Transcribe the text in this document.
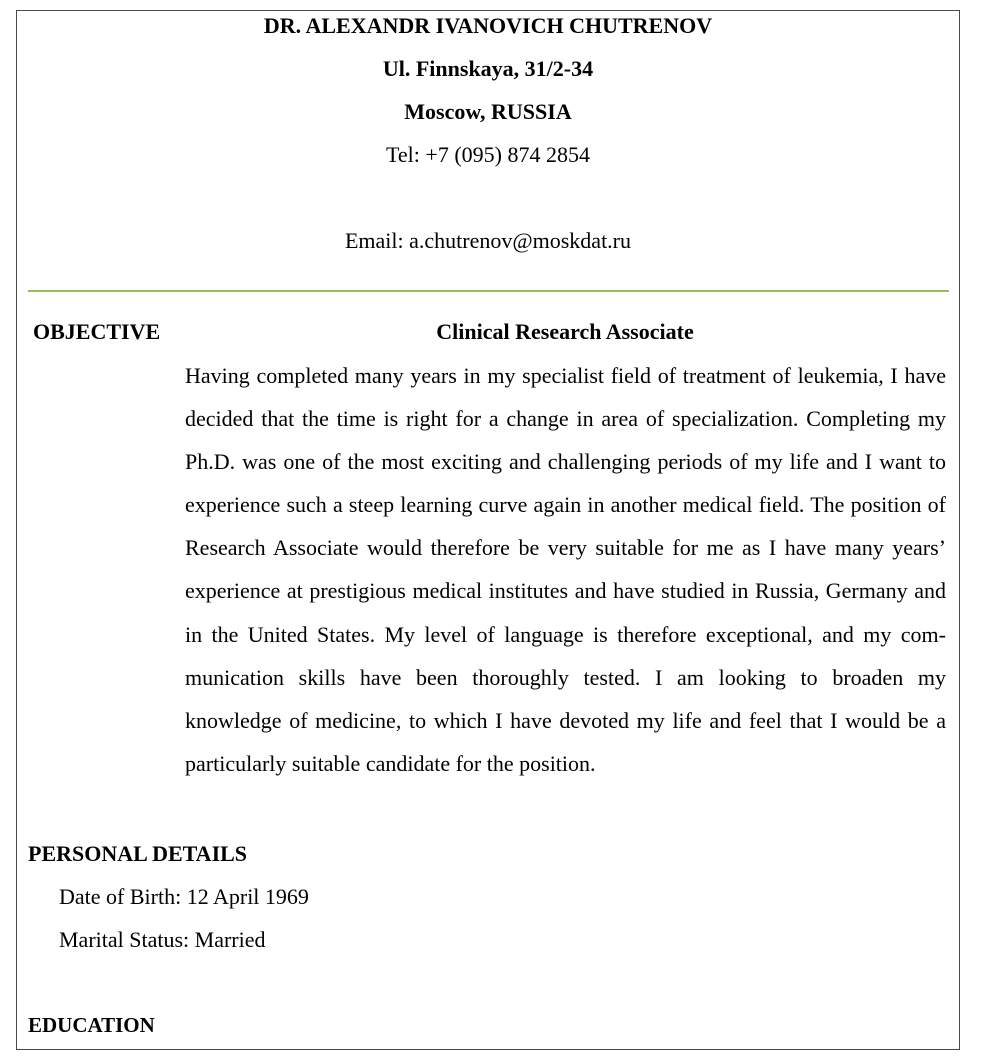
DR. ALEXANDR IVANOVICH CHUTRENOV
Ul. Finnskaya, 31/2-34
Moscow, RUSSIA
Tel: +7 (095) 874 2854
Email: a.chutrenov@moskdat.ru
OBJECTIVE	Clinical Research Associate

Having completed many years in my specialist field of treatment of leukemia, I have decided that the time is right for a change in area of specialization. Completing my Ph.D. was one of the most exciting and challenging periods of my life and I want to experience such a steep learning curve again in another medical field. The position of Research Associate would therefore be very suitable for me as I have many years’ experience at prestigious medical institutes and have studied in Russia, Germany and in the United States. My level of language is therefore exceptional, and my communication skills have been thoroughly tested. I am looking to broaden my knowledge of medicine, to which I have devoted my life and feel that I would be a particularly suitable candidate for the position.

PERSONAL DETAILS
Date of Birth: 12 April 1969
Marital Status: Married
EDUCATION
